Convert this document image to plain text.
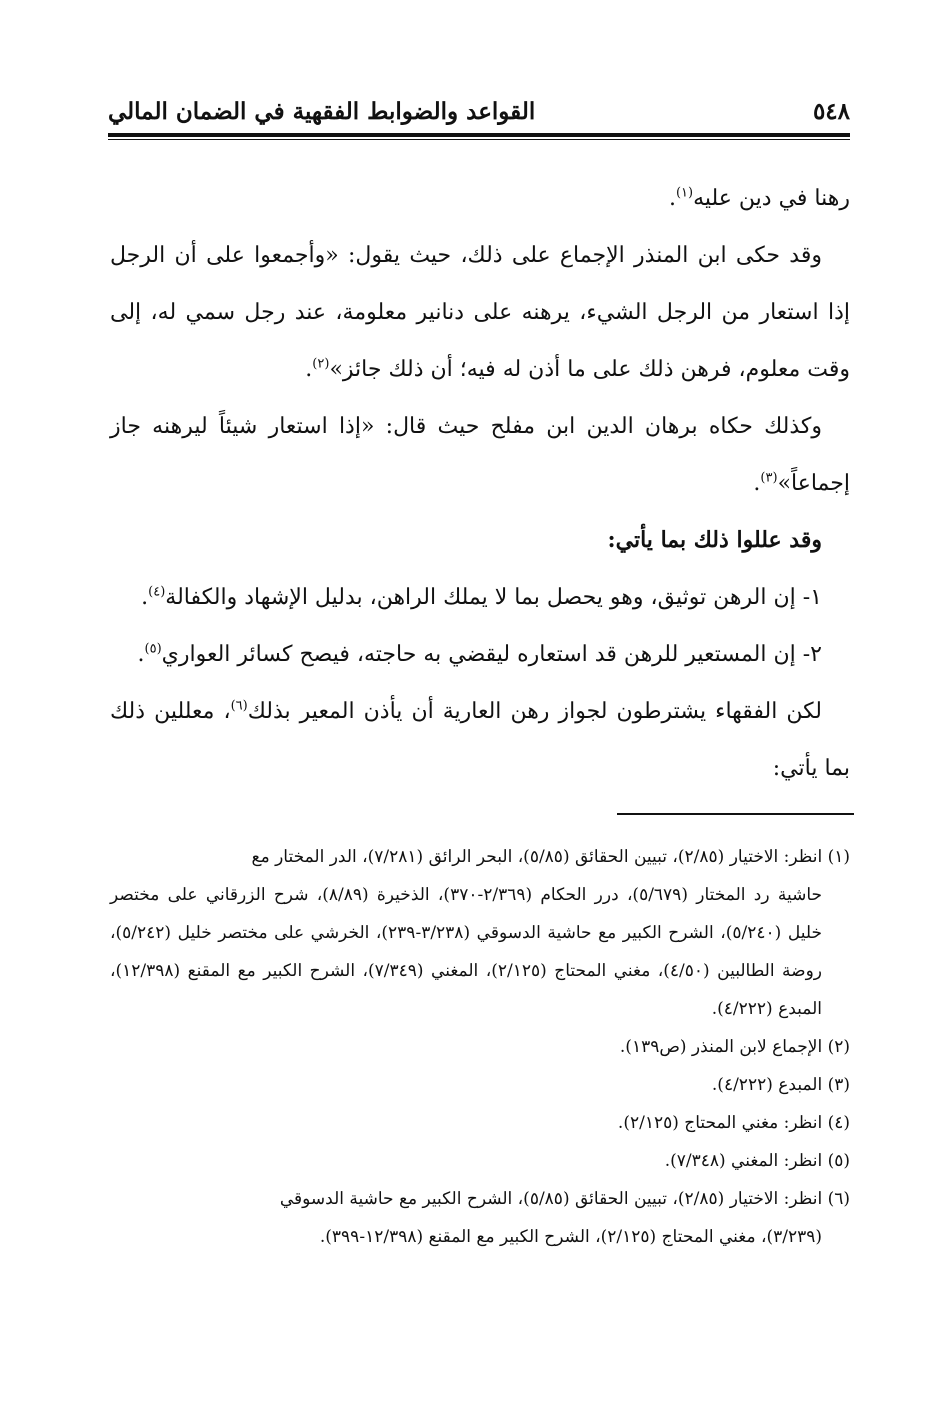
٥٤٨
القواعد والضوابط الفقهية في الضمان المالي

رهنا في دين عليه$^{(١)}$.

وقد حكى ابن المنذر الإجماع على ذلك، حيث يقول: «وأجمعوا على أن الرجل إذا استعار من الرجل الشيء، يرهنه على دنانير معلومة، عند رجل سمي له، إلى وقت معلوم، فرهن ذلك على ما أذن له فيه؛ أن ذلك جائز»$^{(٢)}$.

وكذلك حكاه برهان الدين ابن مفلح حيث قال: «إذا استعار شيئاً ليرهنه جاز إجماعاً»$^{(٣)}$.

وقد عللوا ذلك بما يأتي:

١- إن الرهن توثيق، وهو يحصل بما لا يملك الراهن، بدليل الإشهاد والكفالة$^{(٤)}$.

٢- إن المستعير للرهن قد استعاره ليقضي به حاجته، فيصح كسائر العواري$^{(٥)}$.

لكن الفقهاء يشترطون لجواز رهن العارية أن يأذن المعير بذلك$^{(٦)}$، معللين ذلك بما يأتي:

(١) انظر: الاختيار (٢/٨٥)، تبيين الحقائق (٥/٨٥)، البحر الرائق (٧/٢٨١)، الدر المختار مع

حاشية رد المختار (٥/٦٧٩)، درر الحكام (٢/٣٦٩-٣٧٠)، الذخيرة (٨/٨٩)، شرح الزرقاني على مختصر خليل (٥/٢٤٠)، الشرح الكبير مع حاشية الدسوقي (٣/٢٣٨-٢٣٩)، الخرشي على مختصر خليل (٥/٢٤٢)، روضة الطالبين (٤/٥٠)، مغني المحتاج (٢/١٢٥)، المغني (٧/٣٤٩)، الشرح الكبير مع المقنع (١٢/٣٩٨)، المبدع (٤/٢٢٢).

(٢) الإجماع لابن المنذر (ص١٣٩).

(٣) المبدع (٤/٢٢٢).

(٤) انظر: مغني المحتاج (٢/١٢٥).

(٥) انظر: المغني (٧/٣٤٨).

(٦) انظر: الاختيار (٢/٨٥)، تبيين الحقائق (٥/٨٥)، الشرح الكبير مع حاشية الدسوقي

(٣/٢٣٩)، مغني المحتاج (٢/١٢٥)، الشرح الكبير مع المقنع (١٢/٣٩٨-٣٩٩).
